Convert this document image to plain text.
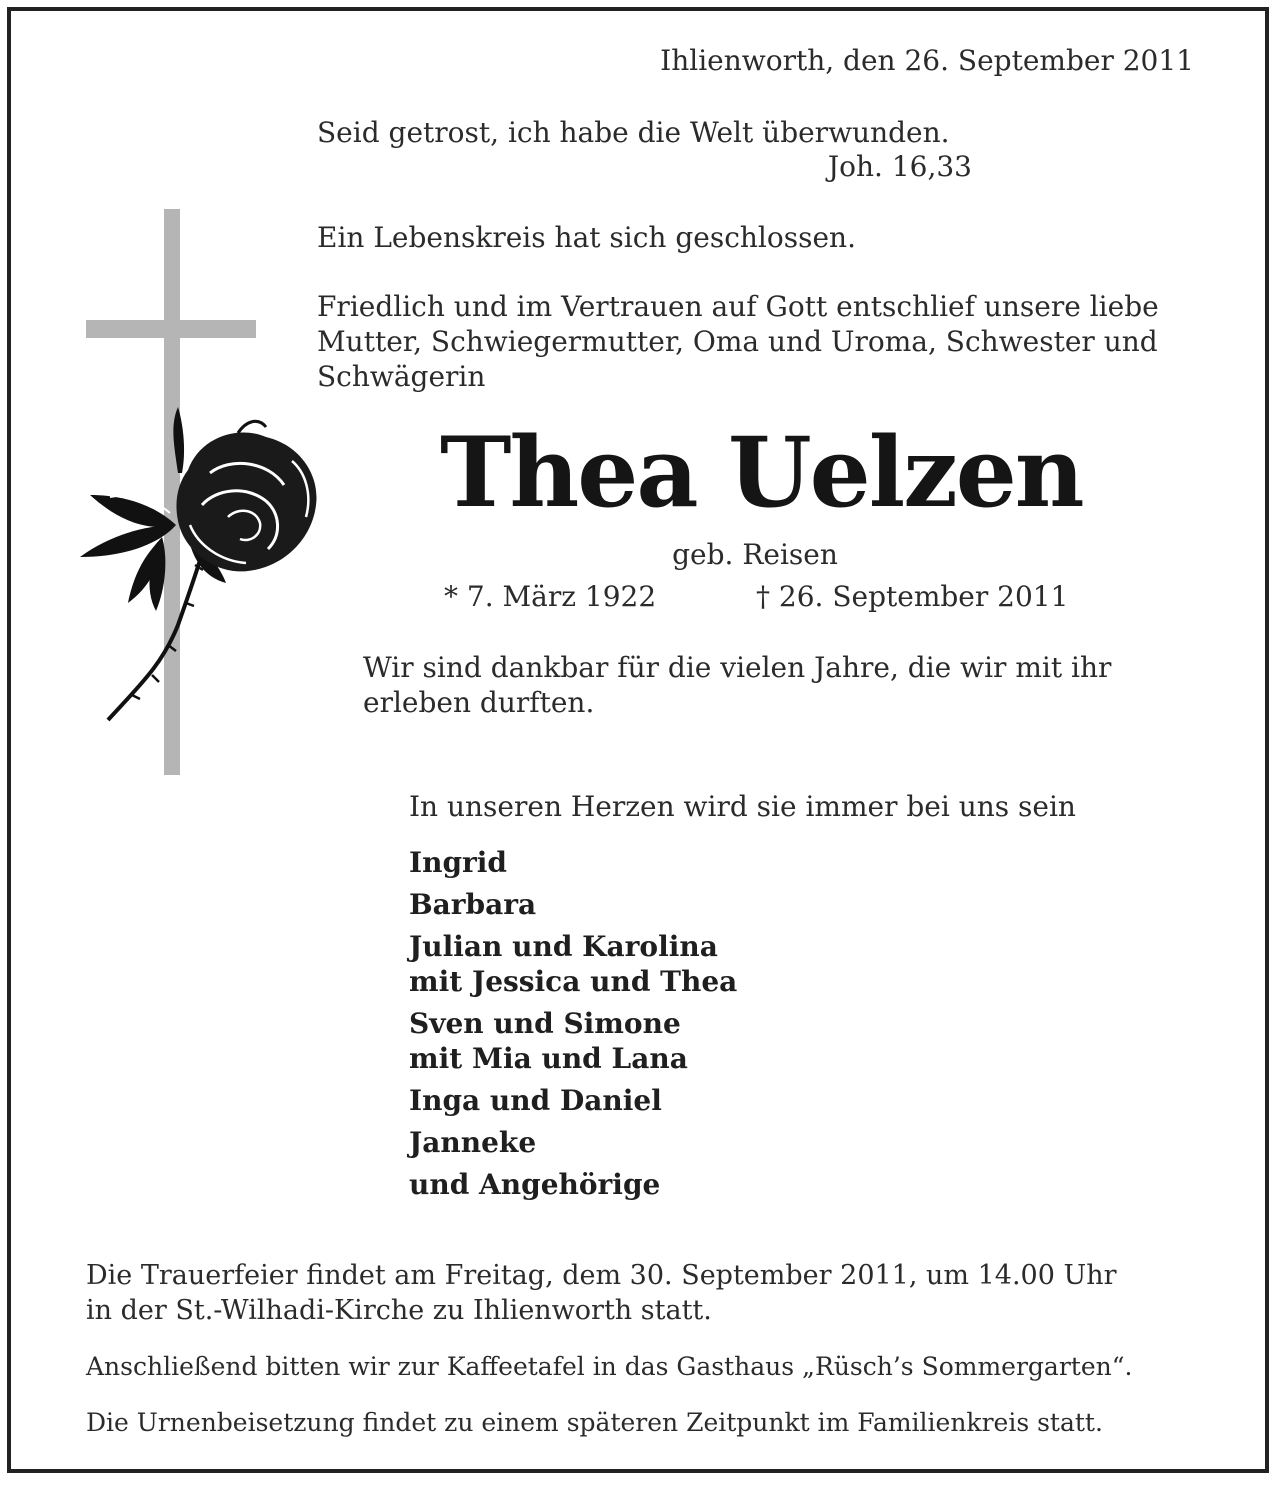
Ihlienworth, den 26. September 2011

Seid getrost, ich habe die Welt überwunden.

Joh. 16,33

Ein Lebenskreis hat sich geschlossen.

Friedlich und im Vertrauen auf Gott entschlief unsere liebe

Mutter, Schwiegermutter, Oma und Uroma, Schwester und

Schwägerin

Thea Uelzen

geb. Reisen

* 7. März 1922	† 26. September 2011

Wir sind dankbar für die vielen Jahre, die wir mit ihr

erleben durften.

In unseren Herzen wird sie immer bei uns sein

Ingrid

Barbara

Julian und Karolina

mit Jessica und Thea

Sven und Simone

mit Mia und Lana

Inga und Daniel

Janneke

und Angehörige

Die Trauerfeier findet am Freitag, dem 30. September 2011, um 14.00 Uhr

in der St.-Wilhadi-Kirche zu Ihlienworth statt.

Anschließend bitten wir zur Kaffeetafel in das Gasthaus „Rüsch’s Sommergarten“.

Die Urnenbeisetzung findet zu einem späteren Zeitpunkt im Familienkreis statt.
